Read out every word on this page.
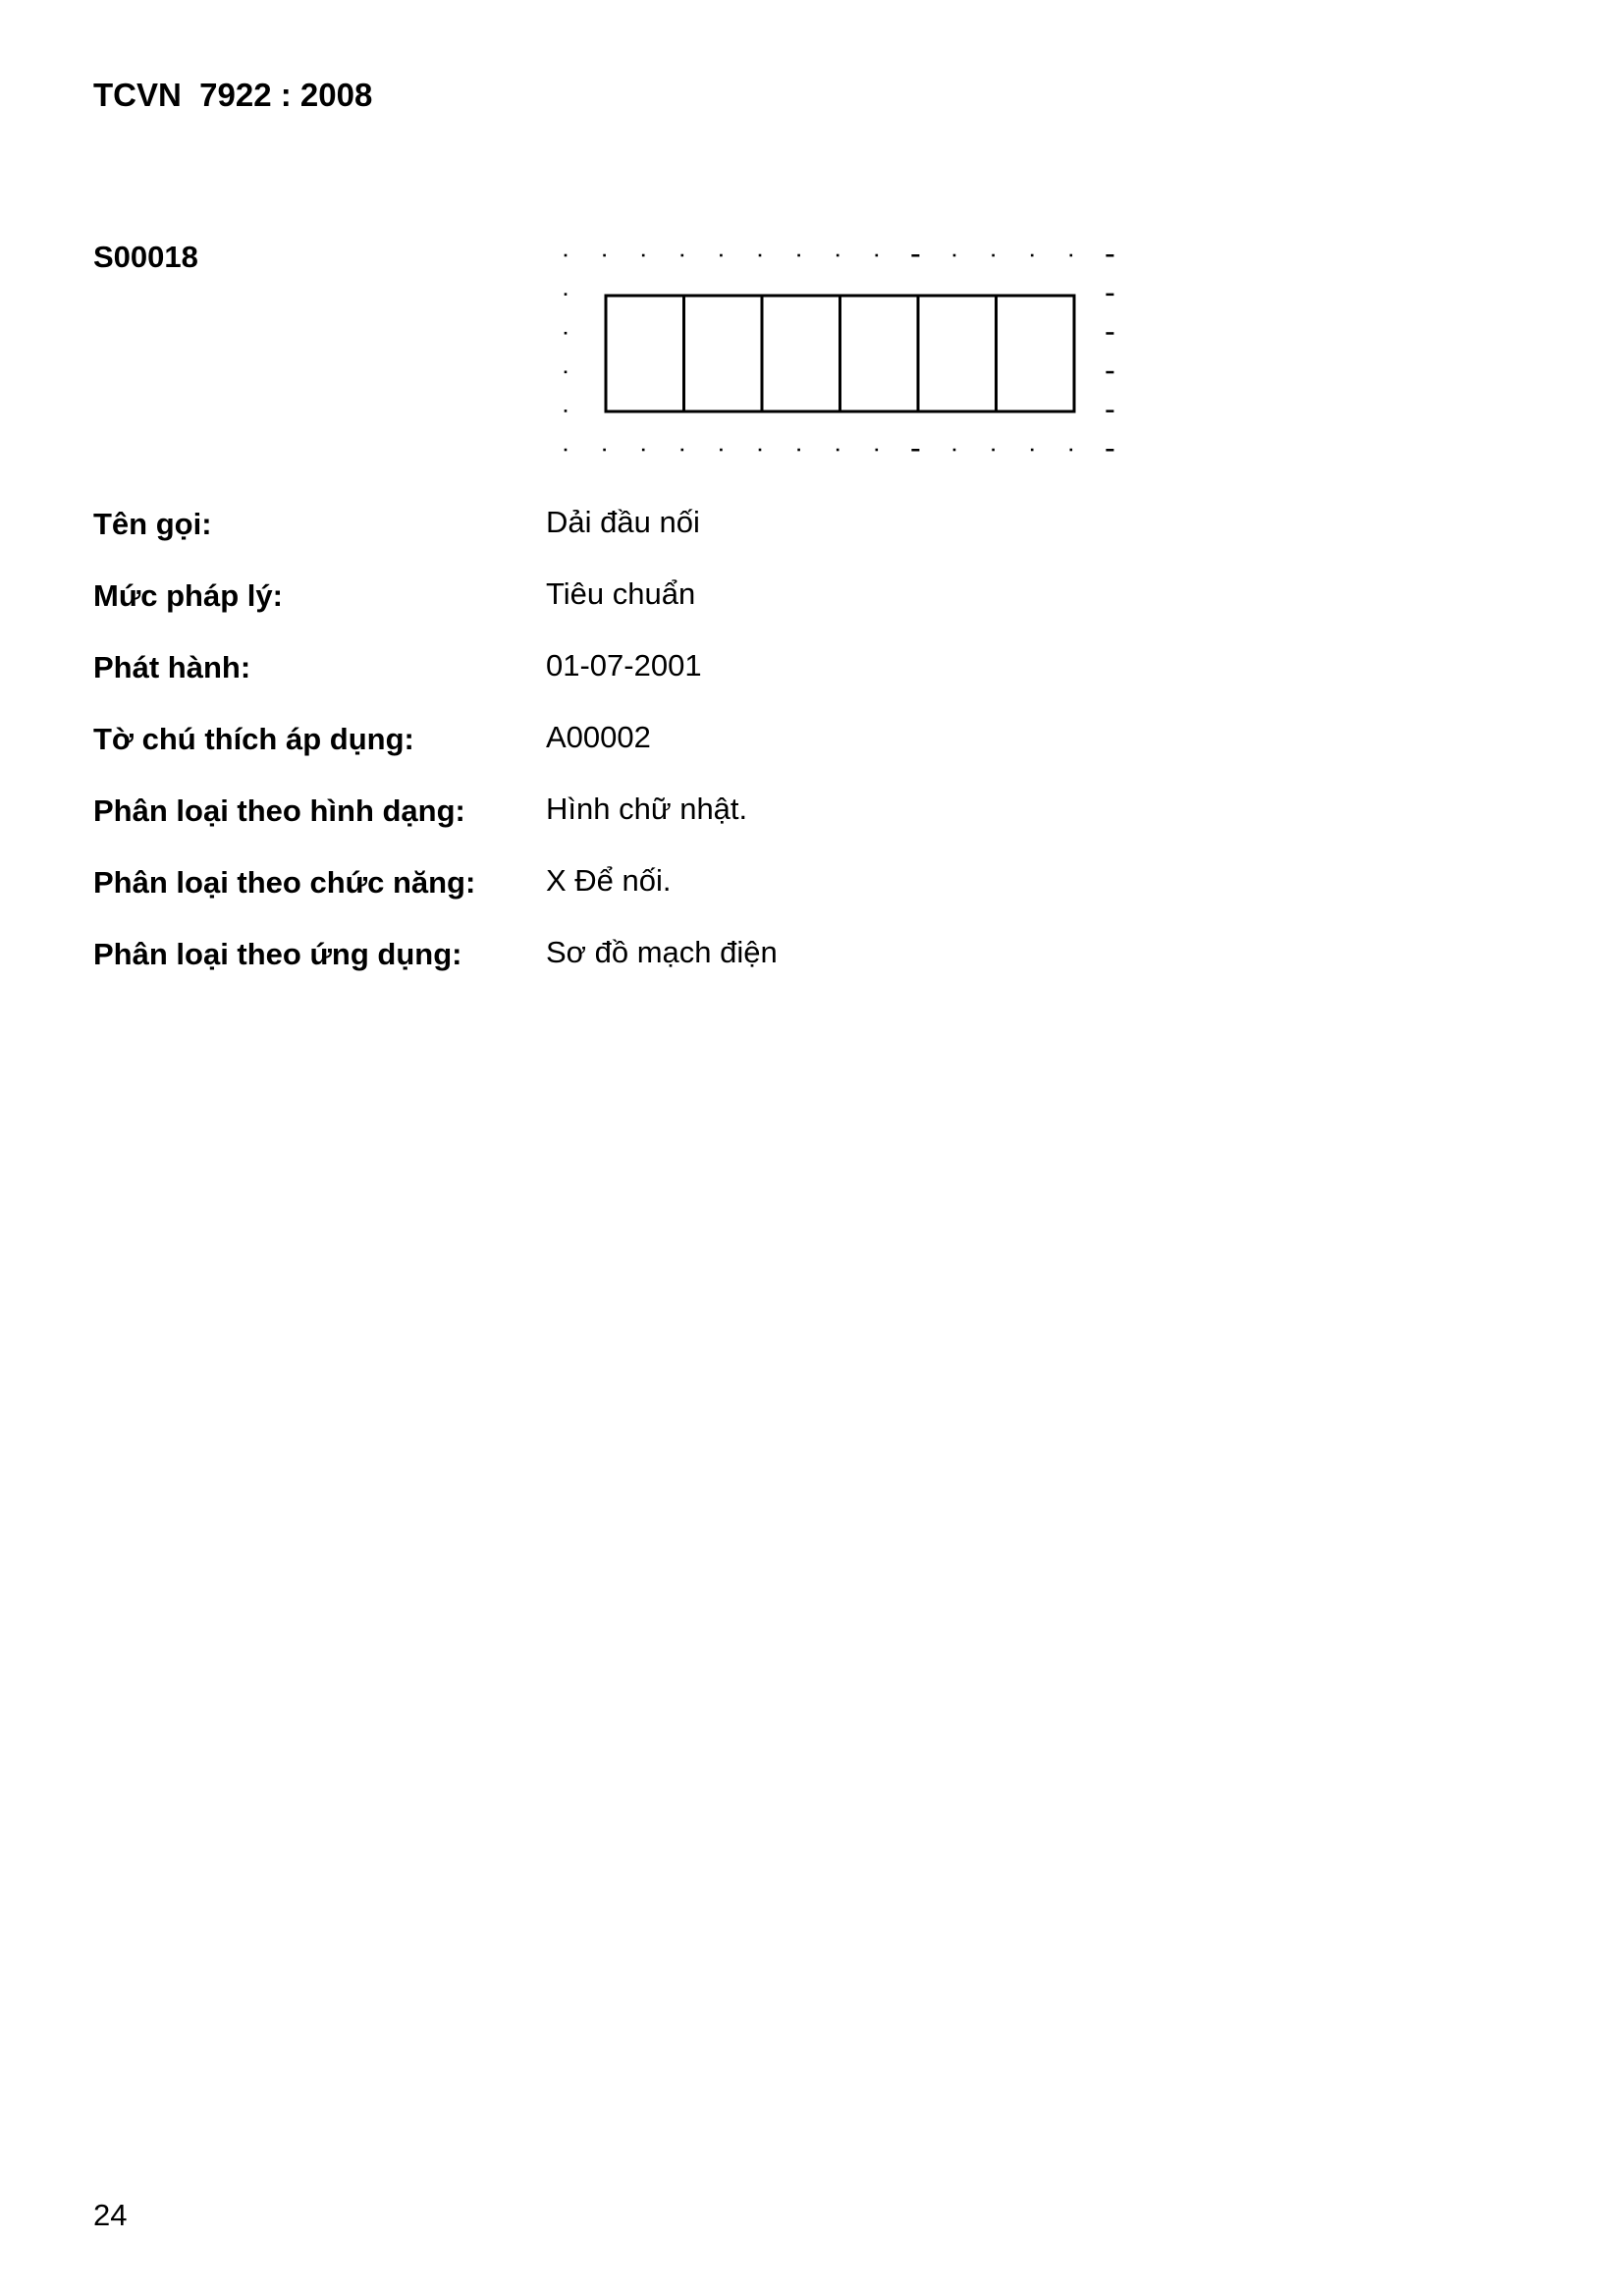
TCVN  7922 : 2008
S00018
Tên gọi:	Dải đầu nối
Mức pháp lý:	Tiêu chuẩn
Phát hành:	01-07-2001
Tờ chú thích áp dụng:	A00002
Phân loại theo hình dạng:	Hình chữ nhật.
Phân loại theo chức năng: X Để nối.
Phân loại theo ứng dụng:	Sơ đồ mạch điện
24
